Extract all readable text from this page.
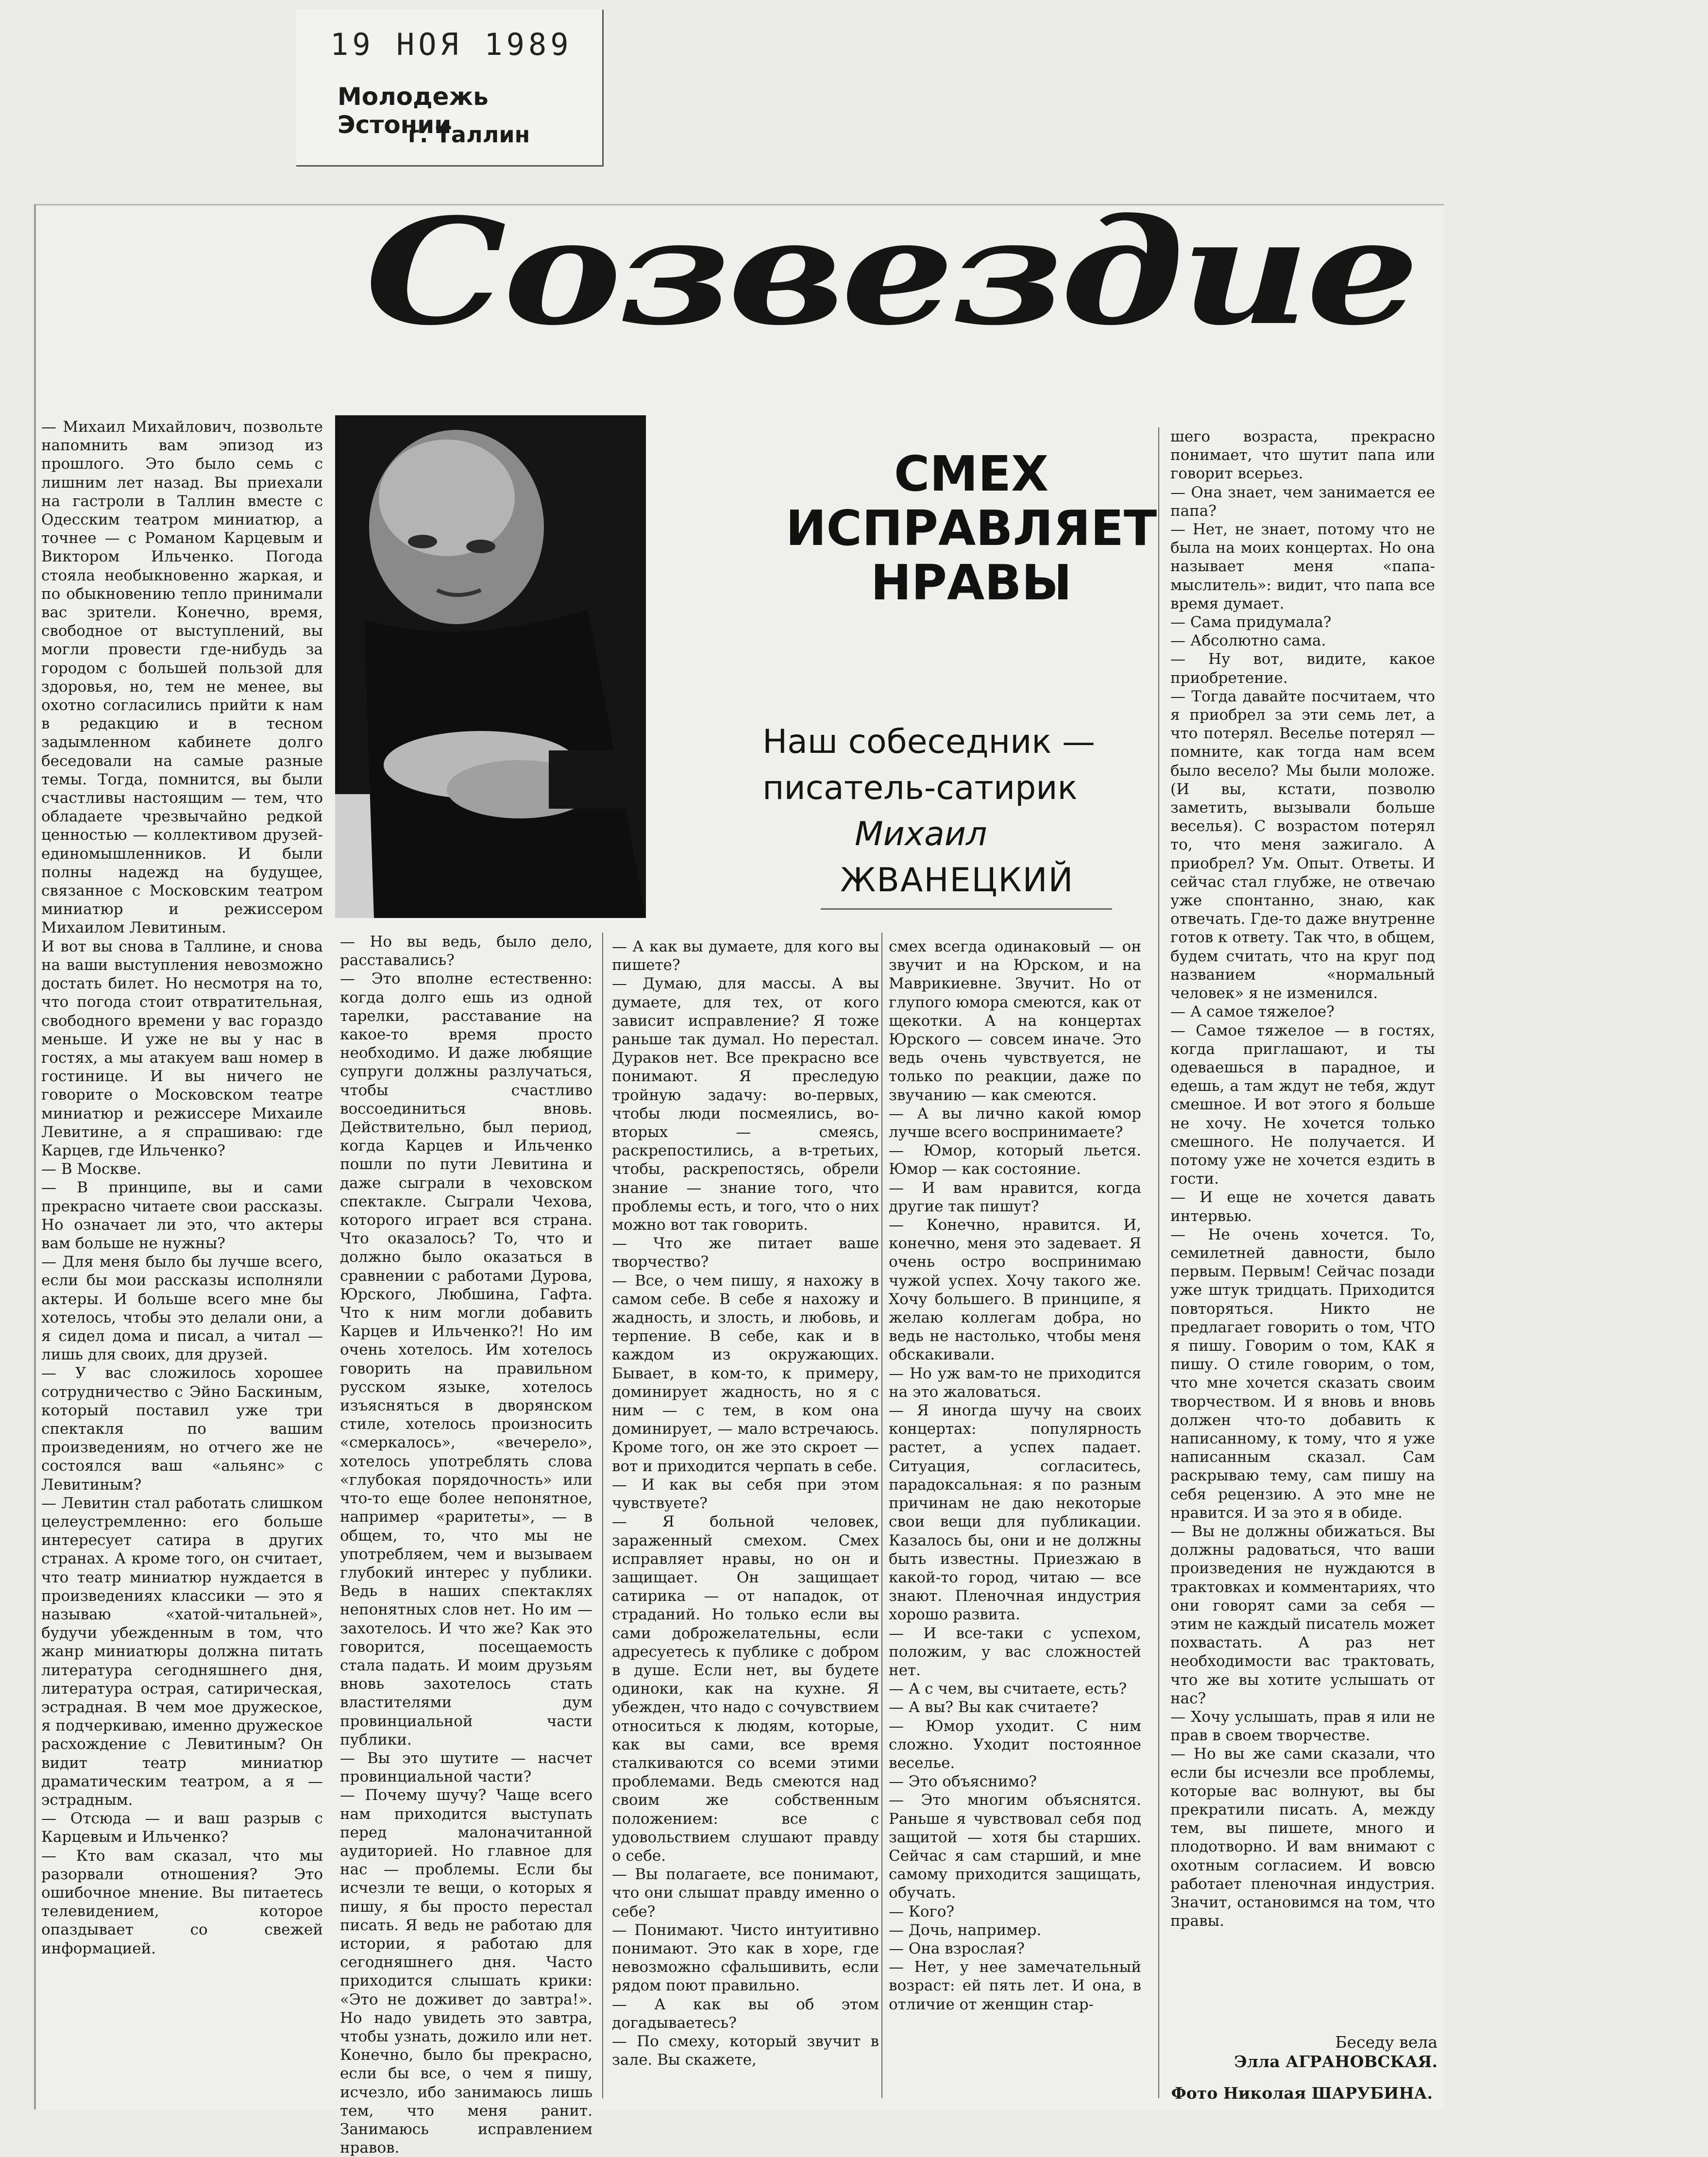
19 НОЯ 1989
Молодежь Эстонии
г. Таллин
Созвездие
СМЕХ
ИСПРАВЛЯЕТ
НРАВЫ
Наш собеседник —
писатель-сатирик
Михаил
ЖВАНЕЦКИЙ
— Михаил Михайлович, позвольте напомнить вам эпизод из прошлого. Это было семь с лишним лет назад. Вы приехали на гастроли в Таллин вместе с Одесским театром миниатюр, а точнее — с Романом Карцевым и Виктором Ильченко. Погода стояла необыкновенно жаркая, и по обыкновению тепло принимали вас зрители. Конечно, время, свободное от выступлений, вы могли провести где-нибудь за городом с большей пользой для здоровья, но, тем не менее, вы охотно согласились прийти к нам в редакцию и в тесном задымленном кабинете долго беседовали на самые разные темы. Тогда, помнится, вы были счастливы настоящим — тем, что обладаете чрезвычайно редкой ценностью — коллективом друзей-единомышленников. И были полны надежд на будущее, связанное с Московским театром миниатюр и режиссером Михаилом Левитиным.
И вот вы снова в Таллине, и снова на ваши выступления невозможно достать билет. Но несмотря на то, что погода стоит отвратительная, свободного времени у вас гораздо меньше. И уже не вы у нас в гостях, а мы атакуем ваш номер в гостинице. И вы ничего не говорите о Московском театре миниатюр и режиссере Михаиле Левитине, а я спрашиваю: где Карцев, где Ильченко?
— В Москве.
— В принципе, вы и сами прекрасно читаете свои рассказы. Но означает ли это, что актеры вам больше не нужны?
— Для меня было бы лучше всего, если бы мои рассказы исполняли актеры. И больше всего мне бы хотелось, чтобы это делали они, а я сидел дома и писал, а читал — лишь для своих, для друзей.
— У вас сложилось хорошее сотрудничество с Эйно Баскиным, который поставил уже три спектакля по вашим произведениям, но отчего же не состоялся ваш «альянс» с Левитиным?
— Левитин стал работать слишком целеустремленно: его больше интересует сатира в других странах. А кроме того, он считает, что театр миниатюр нуждается в произведениях классики — это я называю «хатой-читальней», будучи убежденным в том, что жанр миниатюры должна питать литература сегодняшнего дня, литература острая, сатирическая, эстрадная. В чем мое дружеское, я подчеркиваю, именно дружеское расхождение с Левитиным? Он видит театр миниатюр драматическим театром, а я — эстрадным.
— Отсюда — и ваш разрыв с Карцевым и Ильченко?
— Кто вам сказал, что мы разорвали отношения? Это ошибочное мнение. Вы питаетесь телевидением, которое опаздывает со свежей информацией.
— Но вы ведь, было дело, расставались?
— Это вполне естественно: когда долго ешь из одной тарелки, расставание на какое-то время просто необходимо. И даже любящие супруги должны разлучаться, чтобы счастливо воссоединиться вновь. Действительно, был период, когда Карцев и Ильченко пошли по пути Левитина и даже сыграли в чеховском спектакле. Сыграли Чехова, которого играет вся страна. Что оказалось? То, что и должно было оказаться в сравнении с работами Дурова, Юрского, Любшина, Гафта. Что к ним могли добавить Карцев и Ильченко?! Но им очень хотелось. Им хотелось говорить на правильном русском языке, хотелось изъясняться в дворянском стиле, хотелось произносить «смеркалось», «вечерело», хотелось употреблять слова «глубокая порядочность» или что-то еще более непонятное, например «раритеты», — в общем, то, что мы не употребляем, чем и вызываем глубокий интерес у публики. Ведь в наших спектаклях непонятных слов нет. Но им — захотелось. И что же? Как это говорится, посещаемость стала падать. И моим друзьям вновь захотелось стать властителями дум провинциальной части публики.
— Вы это шутите — насчет провинциальной части?
— Почему шучу? Чаще всего нам приходится выступать перед малоначитанной аудиторией. Но главное для нас — проблемы. Если бы исчезли те вещи, о которых я пишу, я бы просто перестал писать. Я ведь не работаю для истории, я работаю для сегодняшнего дня. Часто приходится слышать крики: «Это не доживет до завтра!». Но надо увидеть это завтра, чтобы узнать, дожило или нет. Конечно, было бы прекрасно, если бы все, о чем я пишу, исчезло, ибо занимаюсь лишь тем, что меня ранит. Занимаюсь исправлением нравов.
— А как вы думаете, для кого вы пишете?
— Думаю, для массы. А вы думаете, для тех, от кого зависит исправление? Я тоже раньше так думал. Но перестал. Дураков нет. Все прекрасно все понимают. Я преследую тройную задачу: во-первых, чтобы люди посмеялись, во-вторых — смеясь, раскрепостились, а в-третьих, чтобы, раскрепостясь, обрели знание — знание того, что проблемы есть, и того, что о них можно вот так говорить.
— Что же питает ваше творчество?
— Все, о чем пишу, я нахожу в самом себе. В себе я нахожу и жадность, и злость, и любовь, и терпение. В себе, как и в каждом из окружающих. Бывает, в ком-то, к примеру, доминирует жадность, но я с ним — с тем, в ком она доминирует, — мало встречаюсь. Кроме того, он же это скроет — вот и приходится черпать в себе.
— И как вы себя при этом чувствуете?
— Я больной человек, зараженный смехом. Смех исправляет нравы, но он и защищает. Он защищает сатирика — от нападок, от страданий. Но только если вы сами доброжелательны, если адресуетесь к публике с добром в душе. Если нет, вы будете одиноки, как на кухне. Я убежден, что надо с сочувствием относиться к людям, которые, как вы сами, все время сталкиваются со всеми этими проблемами. Ведь смеются над своим же собственным положением: все с удовольствием слушают правду о себе.
— Вы полагаете, все понимают, что они слышат правду именно о себе?
— Понимают. Чисто интуитивно понимают. Это как в хоре, где невозможно сфальшивить, если рядом поют правильно.
— А как вы об этом догадываетесь?
— По смеху, который звучит в зале. Вы скажете,
смех всегда одинаковый — он звучит и на Юрском, и на Маврикиевне. Звучит. Но от глупого юмора смеются, как от щекотки. А на концертах Юрского — совсем иначе. Это ведь очень чувствуется, не только по реакции, даже по звучанию — как смеются.
— А вы лично какой юмор лучше всего воспринимаете?
— Юмор, который льется. Юмор — как состояние.
— И вам нравится, когда другие так пишут?
— Конечно, нравится. И, конечно, меня это задевает. Я очень остро воспринимаю чужой успех. Хочу такого же. Хочу большего. В принципе, я желаю коллегам добра, но ведь не настолько, чтобы меня обскакивали.
— Но уж вам-то не приходится на это жаловаться.
— Я иногда шучу на своих концертах: популярность растет, а успех падает. Ситуация, согласитесь, парадоксальная: я по разным причинам не даю некоторые свои вещи для публикации. Казалось бы, они и не должны быть известны. Приезжаю в какой-то город, читаю — все знают. Пленочная индустрия хорошо развита.
— И все-таки с успехом, положим, у вас сложностей нет.
— А с чем, вы считаете, есть?
— А вы? Вы как считаете?
— Юмор уходит. С ним сложно. Уходит постоянное веселье.
— Это объяснимо?
— Это многим объяснятся. Раньше я чувствовал себя под защитой — хотя бы старших. Сейчас я сам старший, и мне самому приходится защищать, обучать.
— Кого?
— Дочь, например.
— Она взрослая?
— Нет, у нее замечательный возраст: ей пять лет. И она, в отличие от женщин стар-
шего возраста, прекрасно понимает, что шутит папа или говорит всерьез.
— Она знает, чем занимается ее папа?
— Нет, не знает, потому что не была на моих концертах. Но она называет меня «папа-мыслитель»: видит, что папа все время думает.
— Сама придумала?
— Абсолютно сама.
— Ну вот, видите, какое приобретение.
— Тогда давайте посчитаем, что я приобрел за эти семь лет, а что потерял. Веселье потерял — помните, как тогда нам всем было весело? Мы были моложе. (И вы, кстати, позволю заметить, вызывали больше веселья). С возрастом потерял то, что меня зажигало. А приобрел? Ум. Опыт. Ответы. И сейчас стал глубже, не отвечаю уже спонтанно, знаю, как отвечать. Где-то даже внутренне готов к ответу. Так что, в общем, будем считать, что на круг под названием «нормальный человек» я не изменился.
— А самое тяжелое?
— Самое тяжелое — в гостях, когда приглашают, и ты одеваешься в парадное, и едешь, а там ждут не тебя, ждут смешное. И вот этого я больше не хочу. Не хочется только смешного. Не получается. И потому уже не хочется ездить в гости.
— И еще не хочется давать интервью.
— Не очень хочется. То, семилетней давности, было первым. Первым! Сейчас позади уже штук тридцать. Приходится повторяться. Никто не предлагает говорить о том, ЧТО я пишу. Говорим о том, КАК я пишу. О стиле говорим, о том, что мне хочется сказать своим творчеством. И я вновь и вновь должен что-то добавить к написанному, к тому, что я уже написанным сказал. Сам раскрываю тему, сам пишу на себя рецензию. А это мне не нравится. И за это я в обиде.
— Вы не должны обижаться. Вы должны радоваться, что ваши произведения не нуждаются в трактовках и комментариях, что они говорят сами за себя — этим не каждый писатель может похвастать. А раз нет необходимости вас трактовать, что же вы хотите услышать от нас?
— Хочу услышать, прав я или не прав в своем творчестве.
— Но вы же сами сказали, что если бы исчезли все проблемы, которые вас волнуют, вы бы прекратили писать. А, между тем, вы пишете, много и плодотворно. И вам внимают с охотным согласием. И вовсю работает пленочная индустрия. Значит, остановимся на том, что правы.
Беседу вела
Элла АГРАНОВСКАЯ.
Фото Николая ШАРУБИНА.
